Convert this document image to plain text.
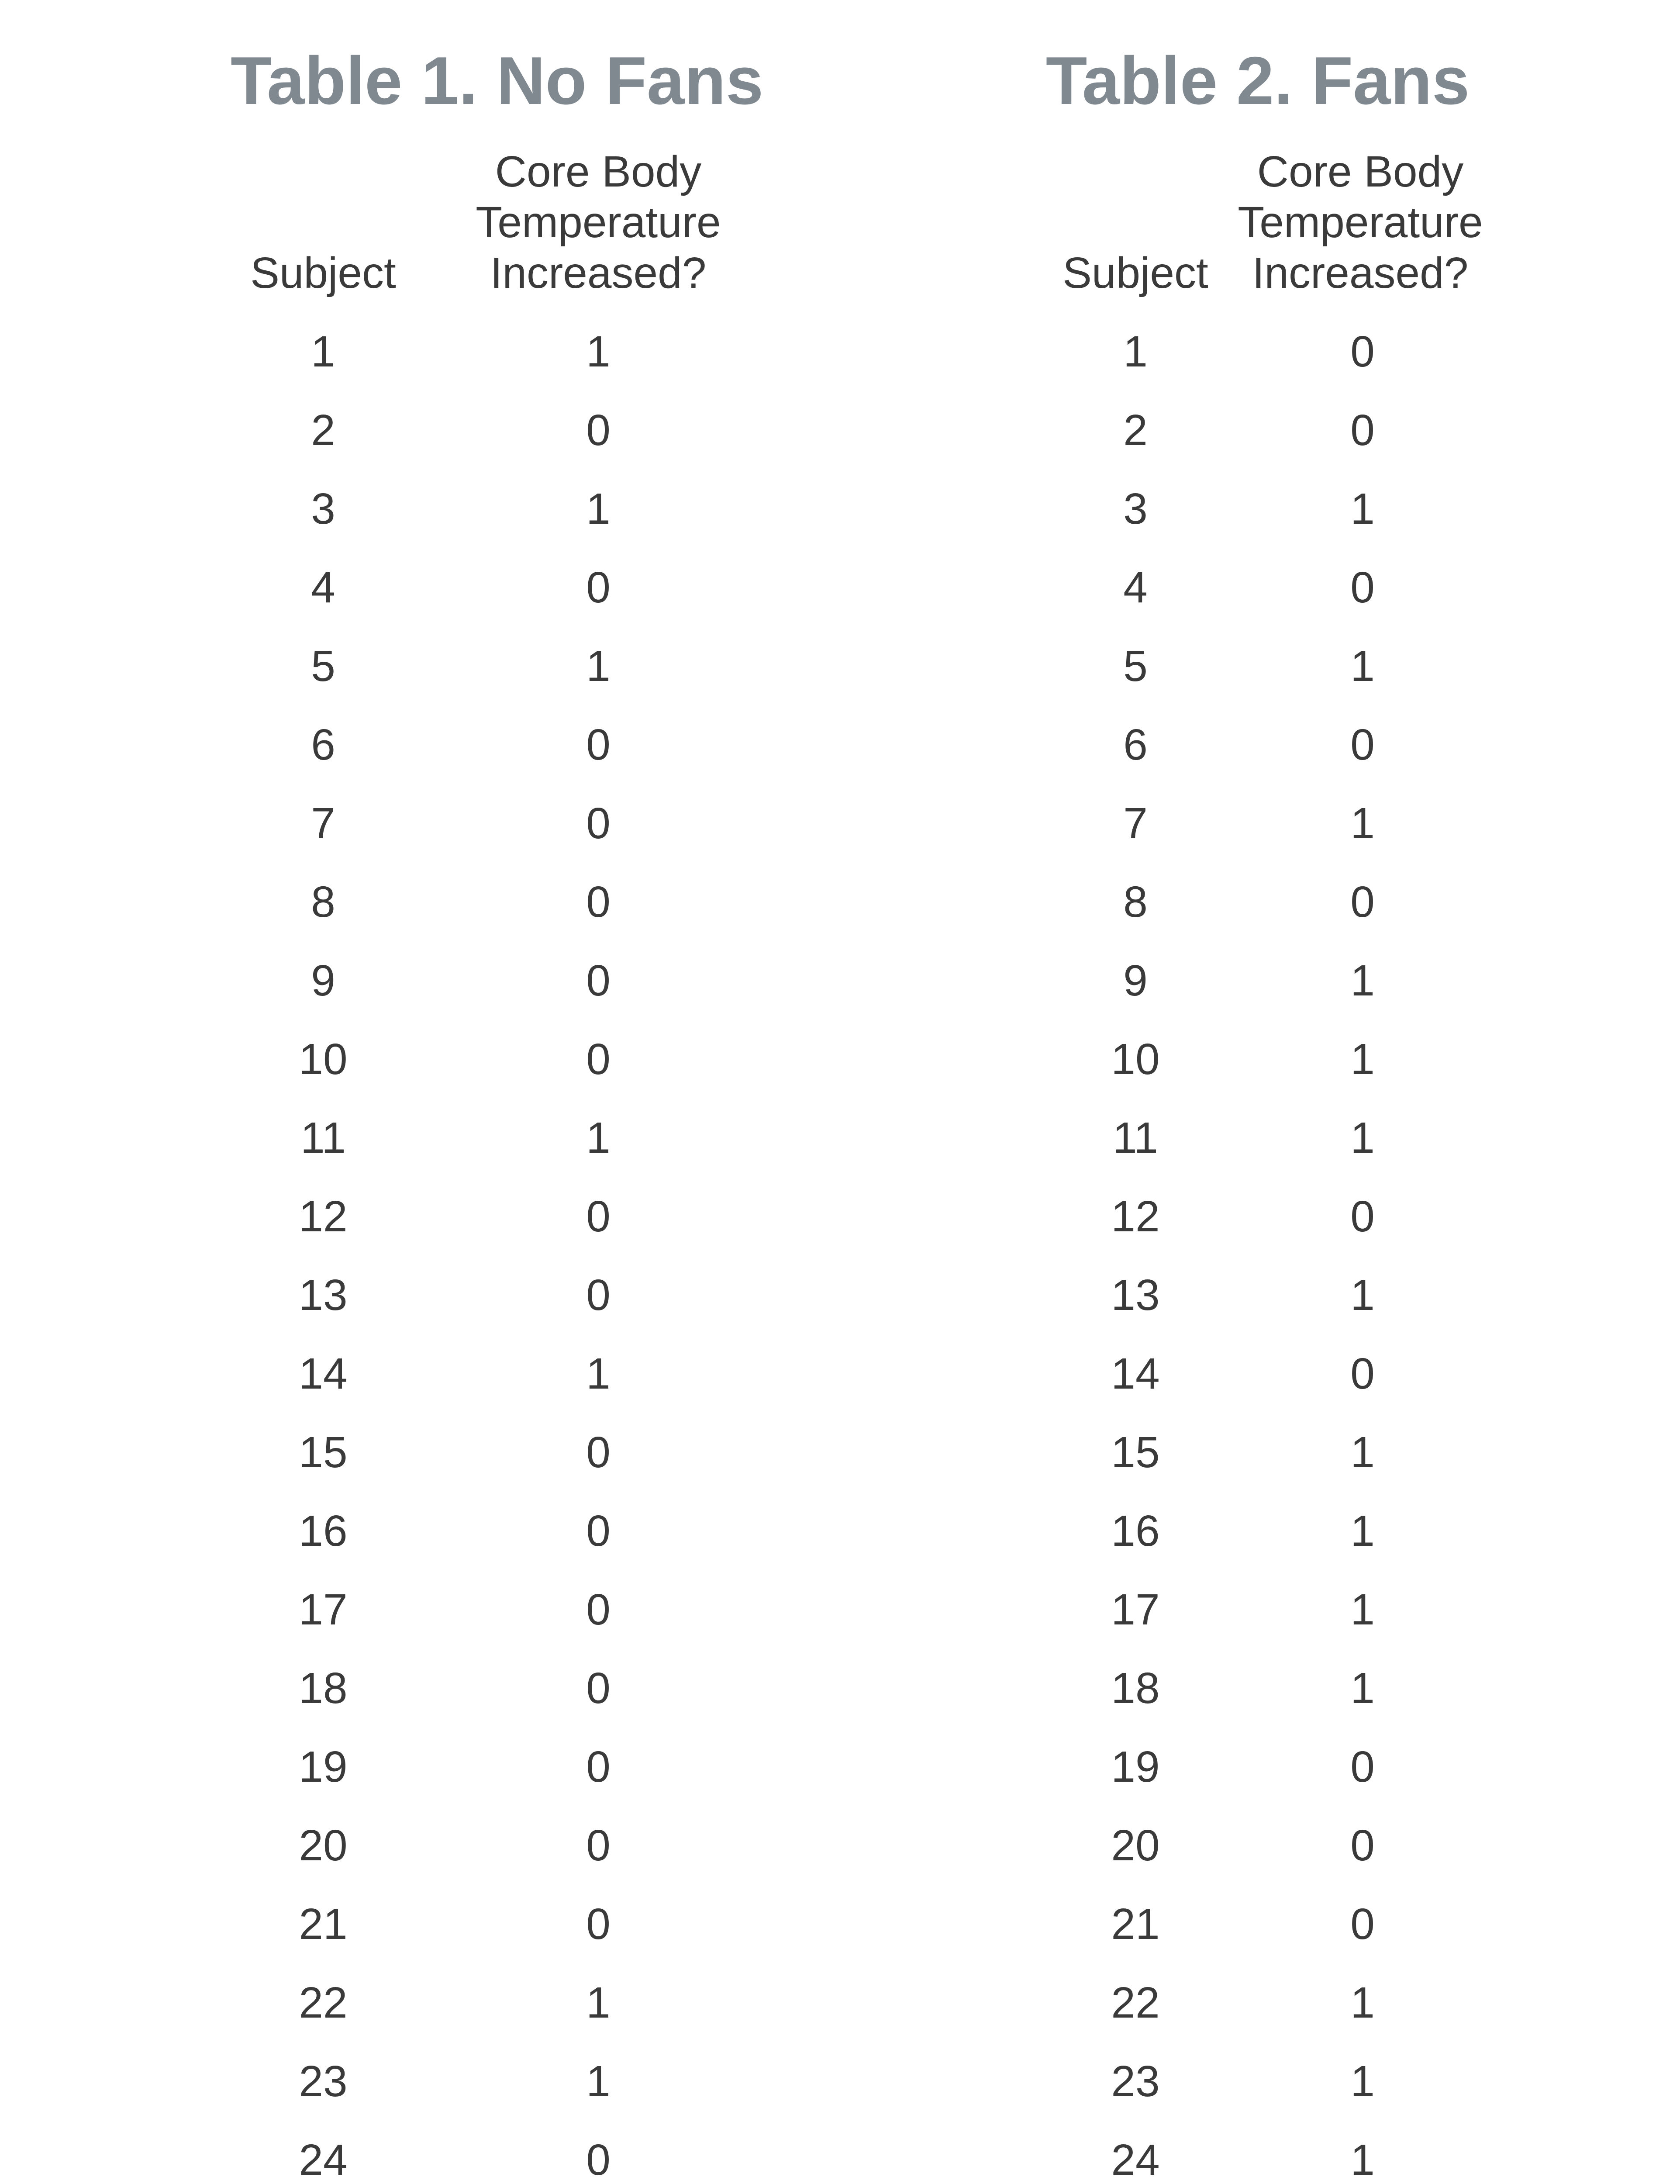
Table 1. No Fans
Subject
Core Body
Temperature
Increased?
1	1
2	0
3	1
4	0
5	1
6	0
7	0
8	0
9	0
10	0
11	1
12	0
13	0
14	1
15	0
16	0
17	0
18	0
19	0
20	0
21	0
22	1
23	1
24	0
Table 2. Fans
Subject
Core Body
Temperature
Increased?
1	0
2	0
3	1
4	0
5	1
6	0
7	1
8	0
9	1
10	1
11	1
12	0
13	1
14	0
15	1
16	1
17	1
18	1
19	0
20	0
21	0
22	1
23	1
24	1
